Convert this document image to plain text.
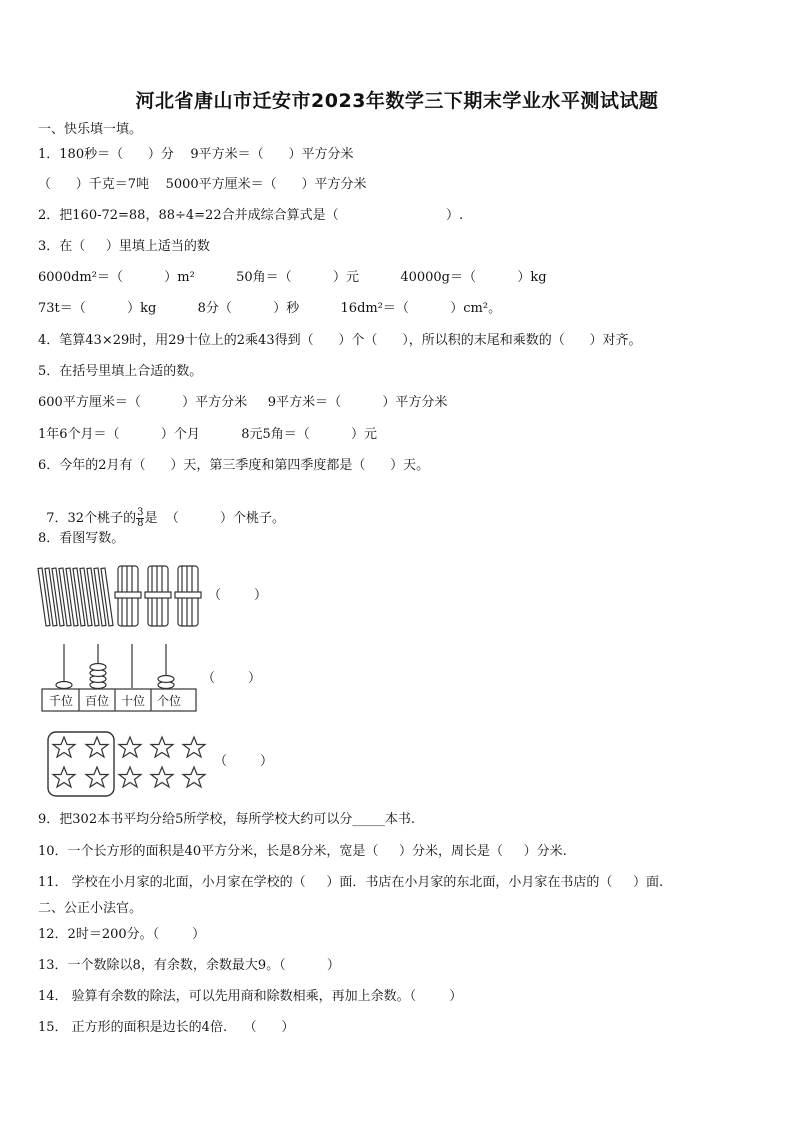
河北省唐山市迁安市2023年数学三下期末学业水平测试试题
一、快乐填一填。
1．180秒＝（      ）分    9平方米＝（      ）平方分米
（      ）千克＝7吨    5000平方厘米＝（      ）平方分米
2．把160-72=88，88÷4=22合并成综合算式是（                          ）.
3．在（     ）里填上适当的数
6000dm²＝（          ）m²          50角＝（          ）元          40000g＝（          ）kg
73t＝（          ）kg          8分（          ）秒          16dm²＝（          ）cm²。
4．笔算43×29时，用29十位上的2乘43得到（      ）个（      ），所以积的末尾和乘数的（      ）对齐。
5．在括号里填上合适的数。
600平方厘米＝（          ）平方分米     9平方米＝（          ）平方分米
1年6个月＝（          ）个月          8元5角＝（          ）元
6．今年的2月有（      ）天，第三季度和第四季度都是（      ）天。

7．32个桃子的 $\frac{3}{8}$ 是  （          ）个桃子。

8．看图写数。
（        ）
千位 百位 十位 个位
（        ）
（        ）
9．把302本书平均分给5所学校，每所学校大约可以分_____本书.
10．一个长方形的面积是40平方分米，长是8分米，宽是（     ）分米，周长是（     ）分米.
11． 学校在小月家的北面，小月家在学校的（     ）面．书店在小月家的东北面，小月家在书店的（     ）面.
二、公正小法官。
12．2时＝200分。（        ）
13．一个数除以8，有余数，余数最大9。（          ）
14． 验算有余数的除法，可以先用商和除数相乘，再加上余数。（        ）
15． 正方形的面积是边长的4倍.    （      ）
